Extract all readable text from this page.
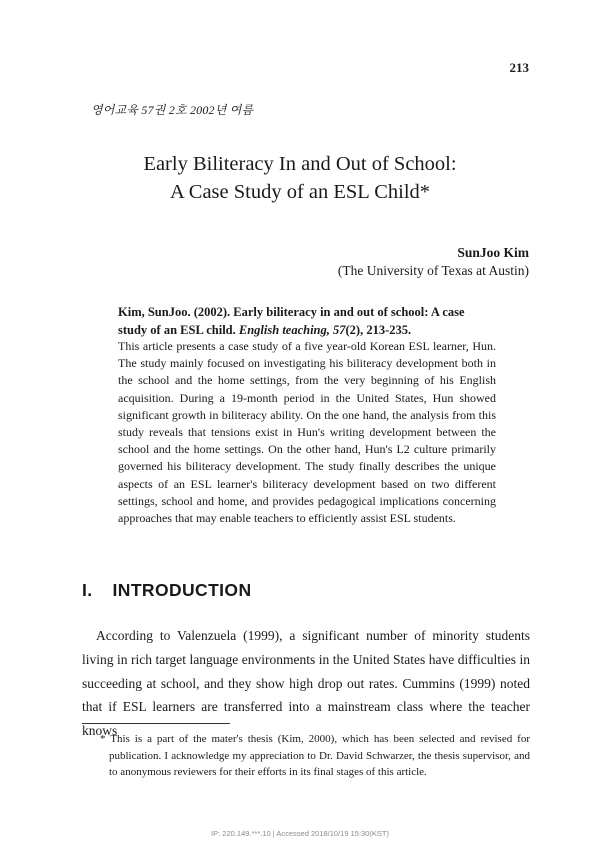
213
영어교육 57권 2호 2002년 여름
Early Biliteracy In and Out of School:
A Case Study of an ESL Child*
SunJoo Kim
(The University of Texas at Austin)
Kim, SunJoo. (2002). Early biliteracy in and out of school: A case study of an ESL child. English teaching, 57(2), 213-235.
This article presents a case study of a five year-old Korean ESL learner, Hun. The study mainly focused on investigating his biliteracy development both in the school and the home settings, from the very beginning of his English acquisition. During a 19-month period in the United States, Hun showed significant growth in biliteracy ability. On the one hand, the analysis from this study reveals that tensions exist in Hun's writing development between the school and the home settings. On the other hand, Hun's L2 culture primarily governed his biliteracy development. The study finally describes the unique aspects of an ESL learner's biliteracy development based on two different settings, school and home, and provides pedagogical implications concerning approaches that may enable teachers to efficiently assist ESL students.
I. INTRODUCTION
According to Valenzuela (1999), a significant number of minority students living in rich target language environments in the United States have difficulties in succeeding at school, and they show high drop out rates. Cummins (1999) noted that if ESL learners are transferred into a mainstream class where the teacher knows
* This is a part of the mater's thesis (Kim, 2000), which has been selected and revised for publication. I acknowledge my appreciation to Dr. David Schwarzer, the thesis supervisor, and to anonymous reviewers for their efforts in its final stages of this article.
IP: 220.149.***.10 | Accessed 2018/10/19 15:30(KST)
